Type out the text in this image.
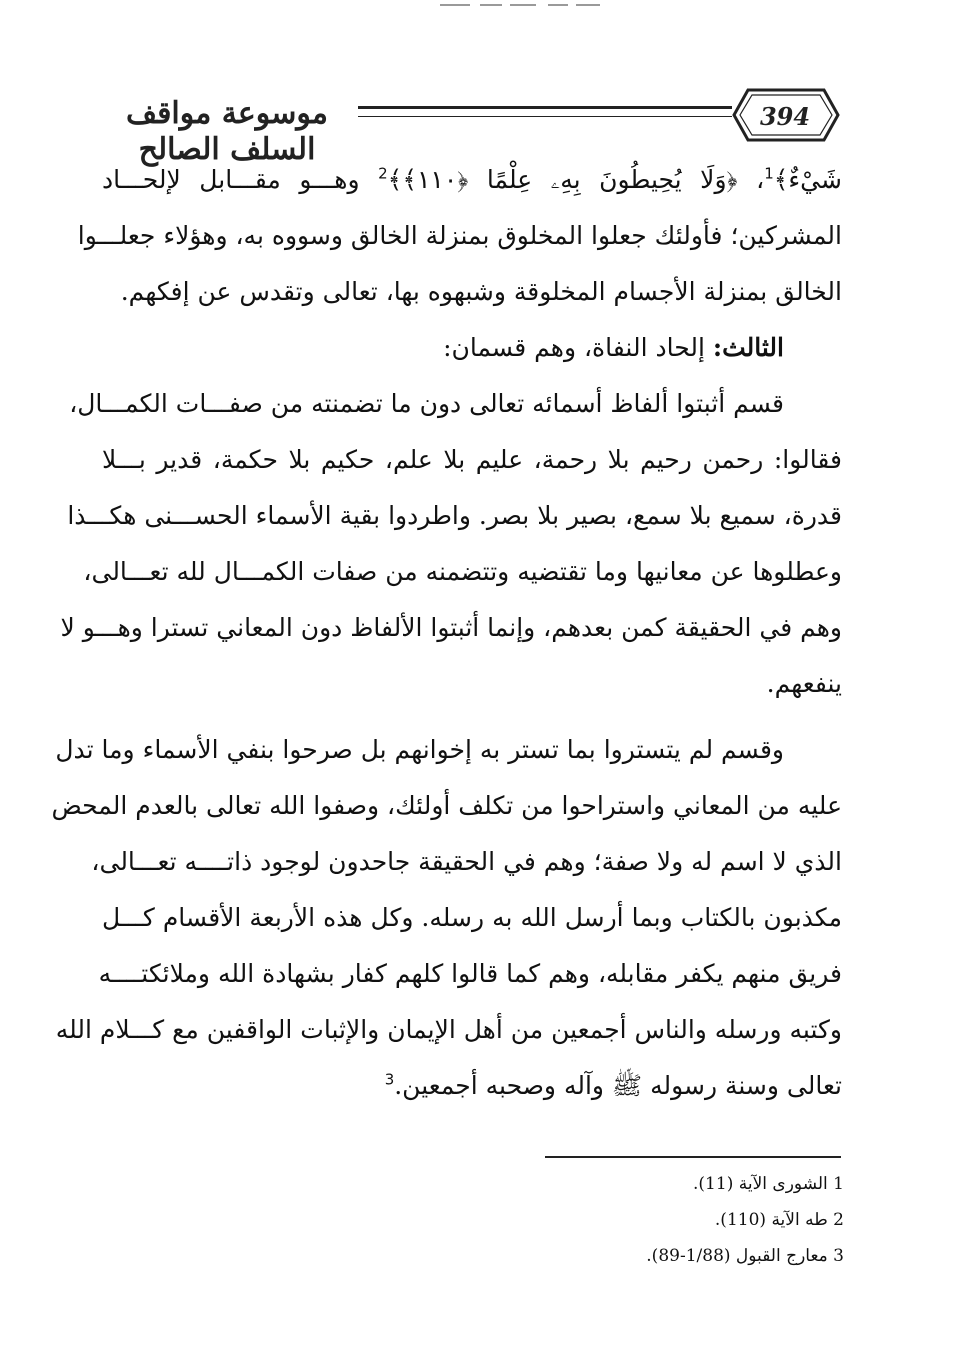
موسوعة مواقف السلف الصالح
394
شَيْءٌ﴾$^1$، ﴿وَلَا يُحِيطُونَ بِهِۦ عِلْمًا ﴿١١٠﴾﴾$^2$ وهـــو مقـــابل لإلحـــاد
المشركين؛ فأولئك جعلوا المخلوق بمنزلة الخالق وسووه به، وهؤلاء جعلـــوا
الخالق بمنزلة الأجسام المخلوقة وشبهوه بها، تعالى وتقدس عن إفكهم.
الثالث: إلحاد النفاة، وهم قسمان:
قسم أثبتوا ألفاظ أسمائه تعالى دون ما تضمنته من صفـــات الكمـــال،
فقالوا: رحمن رحيم بلا رحمة، عليم بلا علم، حكيم بلا حكمة، قدير بـــلا
قدرة، سميع بلا سمع، بصير بلا بصر. واطردوا بقية الأسماء الحســـنى هكـــذا
وعطلوها عن معانيها وما تقتضيه وتتضمنه من صفات الكمـــال لله تعـــالى،
وهم في الحقيقة كمن بعدهم، وإنما أثبتوا الألفاظ دون المعاني تسترا وهـــو لا
ينفعهم.
وقسم لم يتستروا بما تستر به إخوانهم بل صرحوا بنفي الأسماء وما تدل
عليه من المعاني واستراحوا من تكلف أولئك، وصفوا الله تعالى بالعدم المحض
الذي لا اسم له ولا صفة؛ وهم في الحقيقة جاحدون لوجود ذاتــــه تعـــالى،
مكذبون بالكتاب وبما أرسل الله به رسله. وكل هذه الأربعة الأقسام كـــل
فريق منهم يكفر مقابله، وهم كما قالوا كلهم كفار بشهادة الله وملائكتــــه
وكتبه ورسله والناس أجمعين من أهل الإيمان والإثبات الواقفين مع كـــلام الله
تعالى وسنة رسوله ﷺ وآله وصحبه أجمعين.$^3$
1 الشورى الآية (11).
2 طه الآية (110).
3 معارج القبول (1/88-89).
